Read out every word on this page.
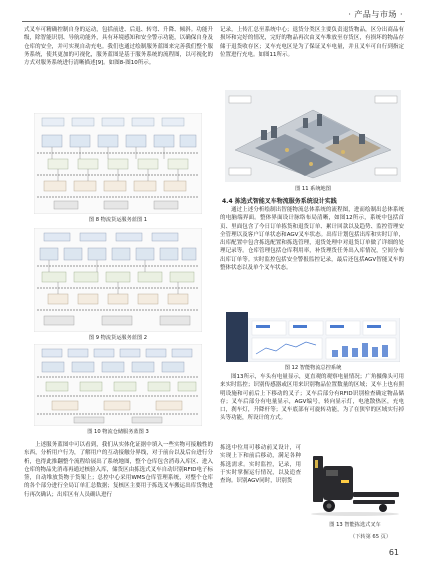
· 产品与市场 ·

式叉车可精确控制自身的运动，包括前进、后退、转弯、升降、倾斜。功能升级，除智能识别、导航功能外，具有环境感知和安全警示功能，以确保自身及仓库的安全，并可实现自动充电。我们也通过绘制服务蓝图来完善我们整个服务系统，使其更加的可视化，服务蓝图是基于服务系统的流程图，以可视化的方式对服务系统进行清晰描述[9]。如图8-图10所示。

图 8 物流货运服务蓝图 1
图 9 物流货运服务蓝图 2
图 10 物流仓储服务蓝图 3

上述服务蓝图中可以看到，我们从实体化证据中填入一些实物可接触性的东西，分析用户行为，了解用户的互动接触分界线，对于前台以及后台进行分析，也得此推翻整个流程给展出了系统地图，整个仓库包含消毒入库区、进入仓库的物品先消毒再通过核验入库，储货区由拣选式叉车自动识别RFID电子标签，自动堆放货物于货架上；总控中心采用WMS仓库管理系统，对整个仓库的各个部分进行全局订单汇总数据；复核区主要用于拣选叉车搬运出库货物进行再次确认；出库区有人员确认进行

记录，上传汇总至系统中心；退货分类区主要负责退货物品，区分出商品有损坏和完好的情况，完好的物品再次由叉车堆放至存货区，有损坏的物品存储于退货收存区；叉车充电区是为了保证叉车电量，并且叉车可自行到指定位置进行充电。如图11所示。

图 11 系统地图
4.4 拣选式智能叉车物流服务系统设计实践

通过上述分析绘制出智能物流总体系统的流程图，进而绘制出总体系统的电脑端界面。整体界面设计脉络布局清晰，如图12所示，系统中包括首页、里面包含了今日订单拣货和退货订单、累计回款以及趋势、监控管理安全管理以及客户订单状态和AGV叉车状态。出库计划包括出库和实时订单，出库配置中包含拣选配置和拣选管理，退货处理中对退货订单做了详细的处理记录等。仓库管理包括仓库利用率，补货理货任务出入库情况，空间分布出库订单等。实时监控包括安全警报监控记录，最后还包括AGV智能叉车的整体状态以及单个叉车状态。

图 12 智能物流总控系统

图13所示，车头有电量显示，更直观的观察电量情况；广角摄像头可用来实时监控；识别传感器或区用来识别物品位置数量的区域；叉车上也有照明设施和可前后上下移动的叉子；叉车后部分有RFID识别检查确定物品储存；叉车后部分有电量显示，AGV编号，转向显示灯，电池散热区，充电口，刹车灯，升降杆等；叉车底部有可旋转功能，为了在狭窄的区域实行掉头等功能，所设计的方式。

拣选中位用可移动前叉设计，可实现上下和前后移动，满足各种拣选需求。实时监控，记录，用于实时掌握运行情况，以及追查查询。识别AGV同时，识别货

图 13 智能拣选式叉车
（下转第 65 页）
61
